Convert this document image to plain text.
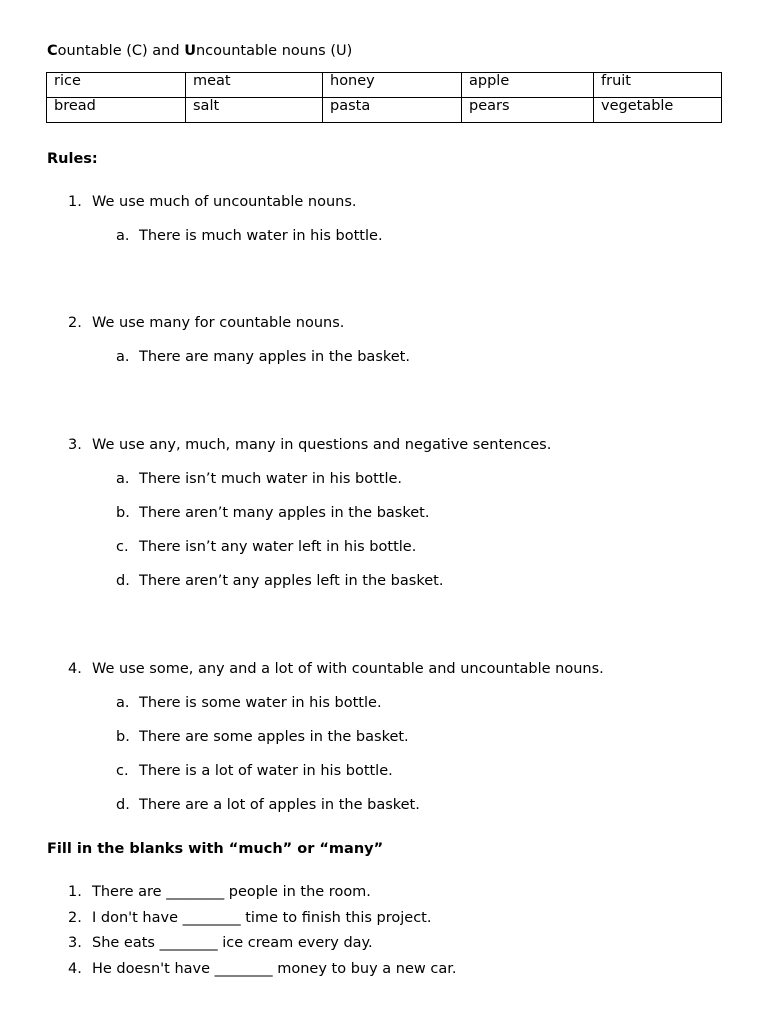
Countable (C) and Uncountable nouns (U)
rice	meat	honey	apple	fruit
bread	salt	pasta	pears	vegetable
Rules:
1. We use much of uncountable nouns.
a. There is much water in his bottle.
2. We use many for countable nouns.
a. There are many apples in the basket.
3. We use any, much, many in questions and negative sentences.
a. There isn’t much water in his bottle.
b. There aren’t many apples in the basket.
c. There isn’t any water left in his bottle.
d. There aren’t any apples left in the basket.
4. We use some, any and a lot of with countable and uncountable nouns.
a. There is some water in his bottle.
b. There are some apples in the basket.
c. There is a lot of water in his bottle.
d. There are a lot of apples in the basket.
Fill in the blanks with “much” or “many”
1. There are ________ people in the room.
2. I don't have ________ time to finish this project.
3. She eats ________ ice cream every day.
4. He doesn't have ________ money to buy a new car.
